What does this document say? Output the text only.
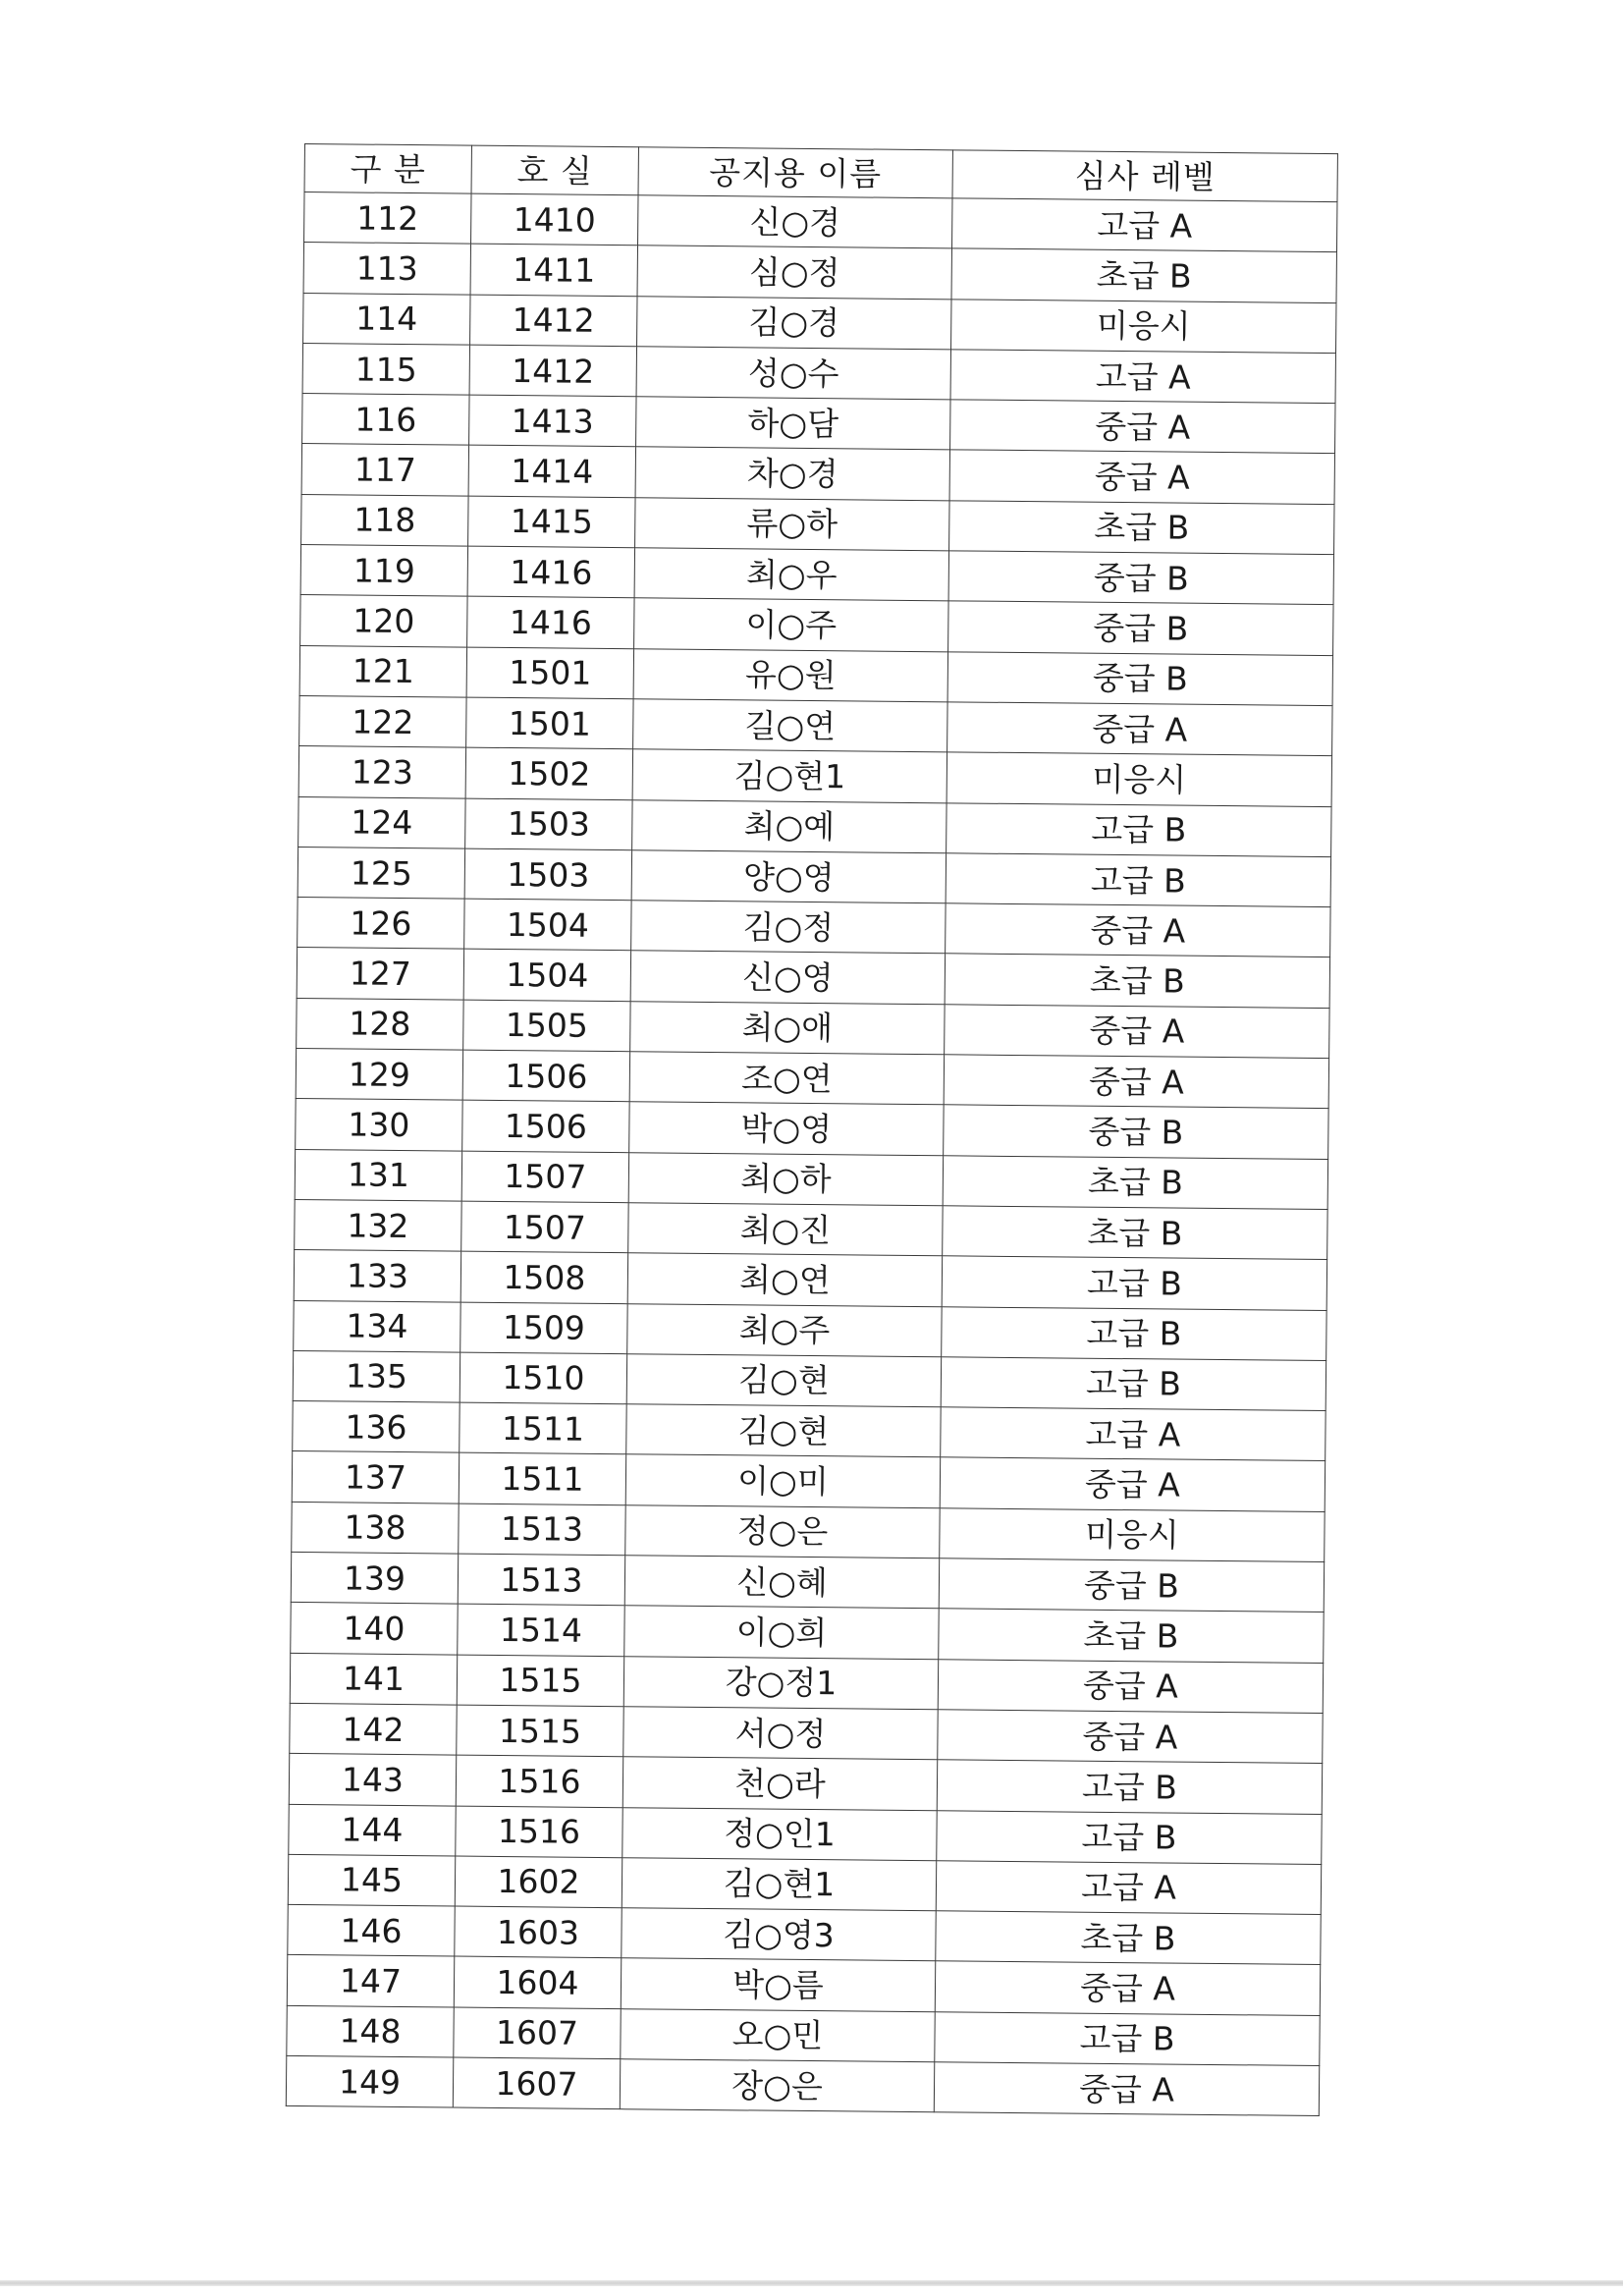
구 분	호 실	공지용 이름	심사 레벨
112	1410	신○경	고급 A
113	1411	심○정	초급 B
114	1412	김○경	미응시
115	1412	성○수	고급 A
116	1413	하○담	중급 A
117	1414	차○경	중급 A
118	1415	류○하	초급 B
119	1416	최○우	중급 B
120	1416	이○주	중급 B
121	1501	유○원	중급 B
122	1501	길○연	중급 A
123	1502	김○현1	미응시
124	1503	최○예	고급 B
125	1503	양○영	고급 B
126	1504	김○정	중급 A
127	1504	신○영	초급 B
128	1505	최○애	중급 A
129	1506	조○연	중급 A
130	1506	박○영	중급 B
131	1507	최○하	초급 B
132	1507	최○진	초급 B
133	1508	최○연	고급 B
134	1509	최○주	고급 B
135	1510	김○현	고급 B
136	1511	김○현	고급 A
137	1511	이○미	중급 A
138	1513	정○은	미응시
139	1513	신○혜	중급 B
140	1514	이○희	초급 B
141	1515	강○정1	중급 A
142	1515	서○정	중급 A
143	1516	천○라	고급 B
144	1516	정○인1	고급 B
145	1602	김○현1	고급 A
146	1603	김○영3	초급 B
147	1604	박○름	중급 A
148	1607	오○민	고급 B
149	1607	장○은	중급 A
